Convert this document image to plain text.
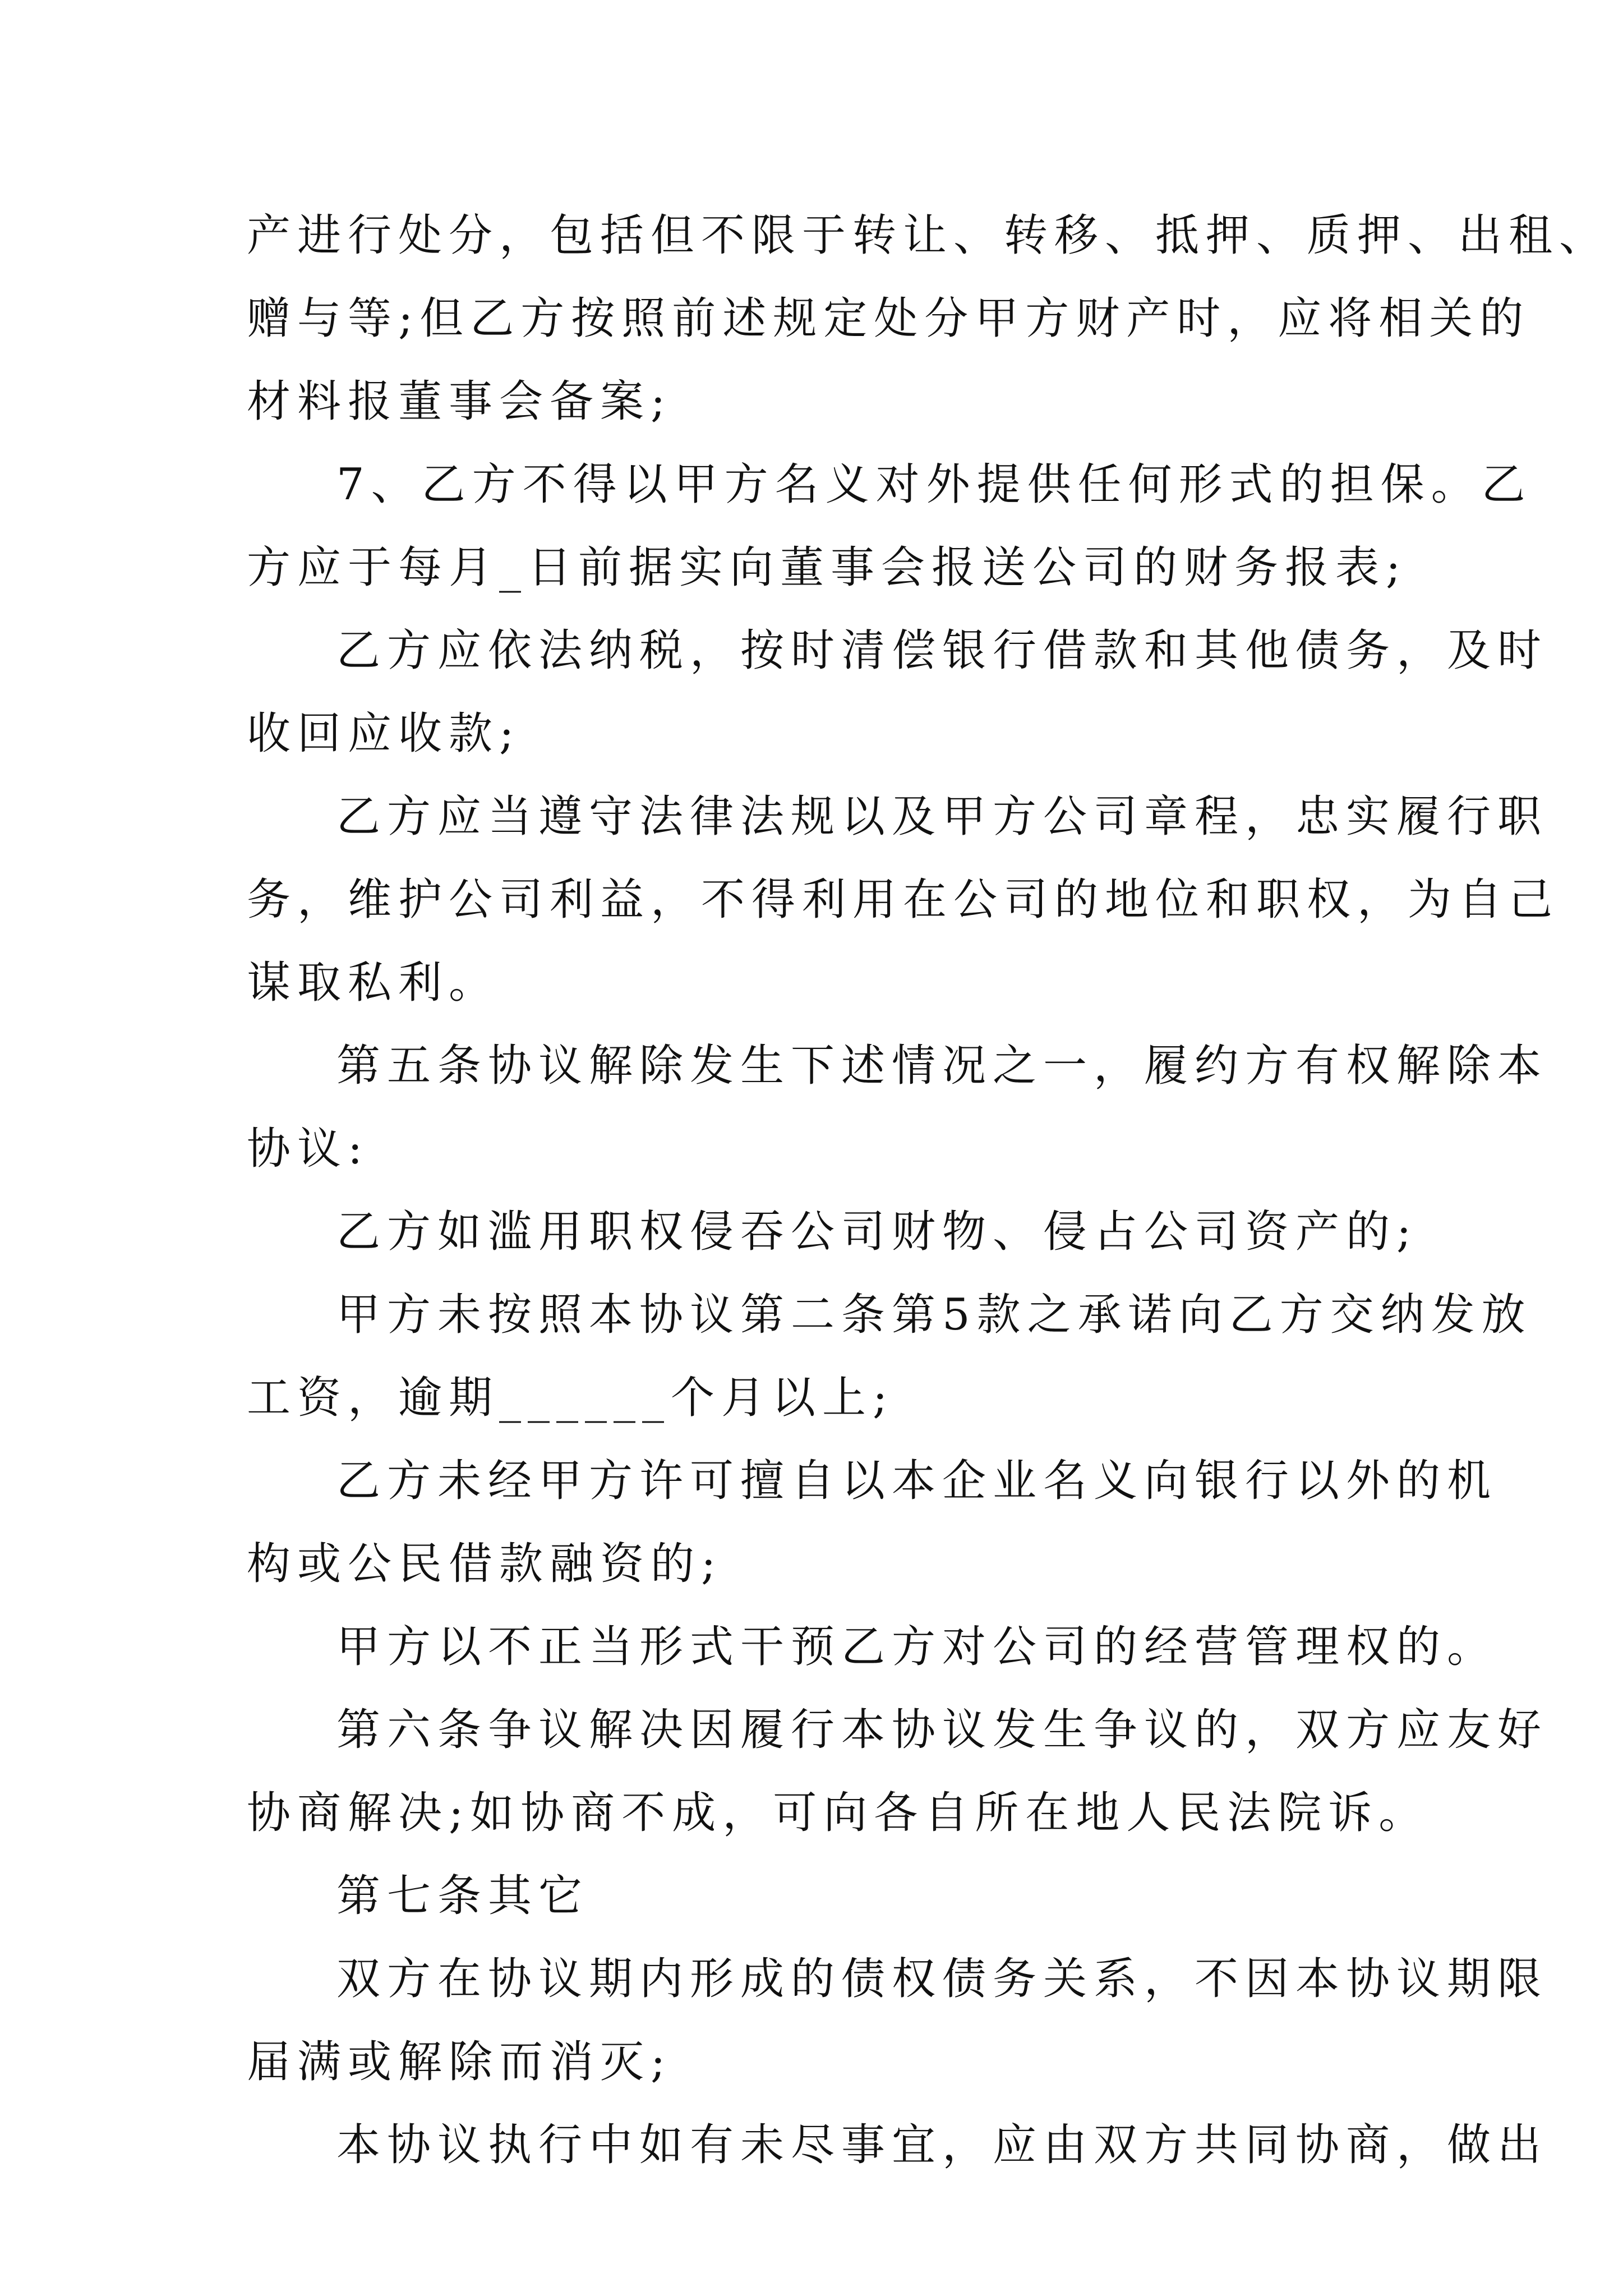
产进行处分，包括但不限于转让、转移、抵押、质押、出租、
赠与等;但乙方按照前述规定处分甲方财产时，应将相关的
材料报董事会备案;
7、乙方不得以甲方名义对外提供任何形式的担保。乙
方应于每月_日前据实向董事会报送公司的财务报表;
乙方应依法纳税，按时清偿银行借款和其他债务，及时
收回应收款;
乙方应当遵守法律法规以及甲方公司章程，忠实履行职
务，维护公司利益，不得利用在公司的地位和职权，为自己
谋取私利。
第五条协议解除发生下述情况之一，履约方有权解除本
协议:
乙方如滥用职权侵吞公司财物、侵占公司资产的;
甲方未按照本协议第二条第5款之承诺向乙方交纳发放
工资，逾期______个月以上;
乙方未经甲方许可擅自以本企业名义向银行以外的机
构或公民借款融资的;
甲方以不正当形式干预乙方对公司的经营管理权的。
第六条争议解决因履行本协议发生争议的，双方应友好
协商解决;如协商不成，可向各自所在地人民法院诉。
第七条其它
双方在协议期内形成的债权债务关系，不因本协议期限
届满或解除而消灭;
本协议执行中如有未尽事宜，应由双方共同协商，做出
